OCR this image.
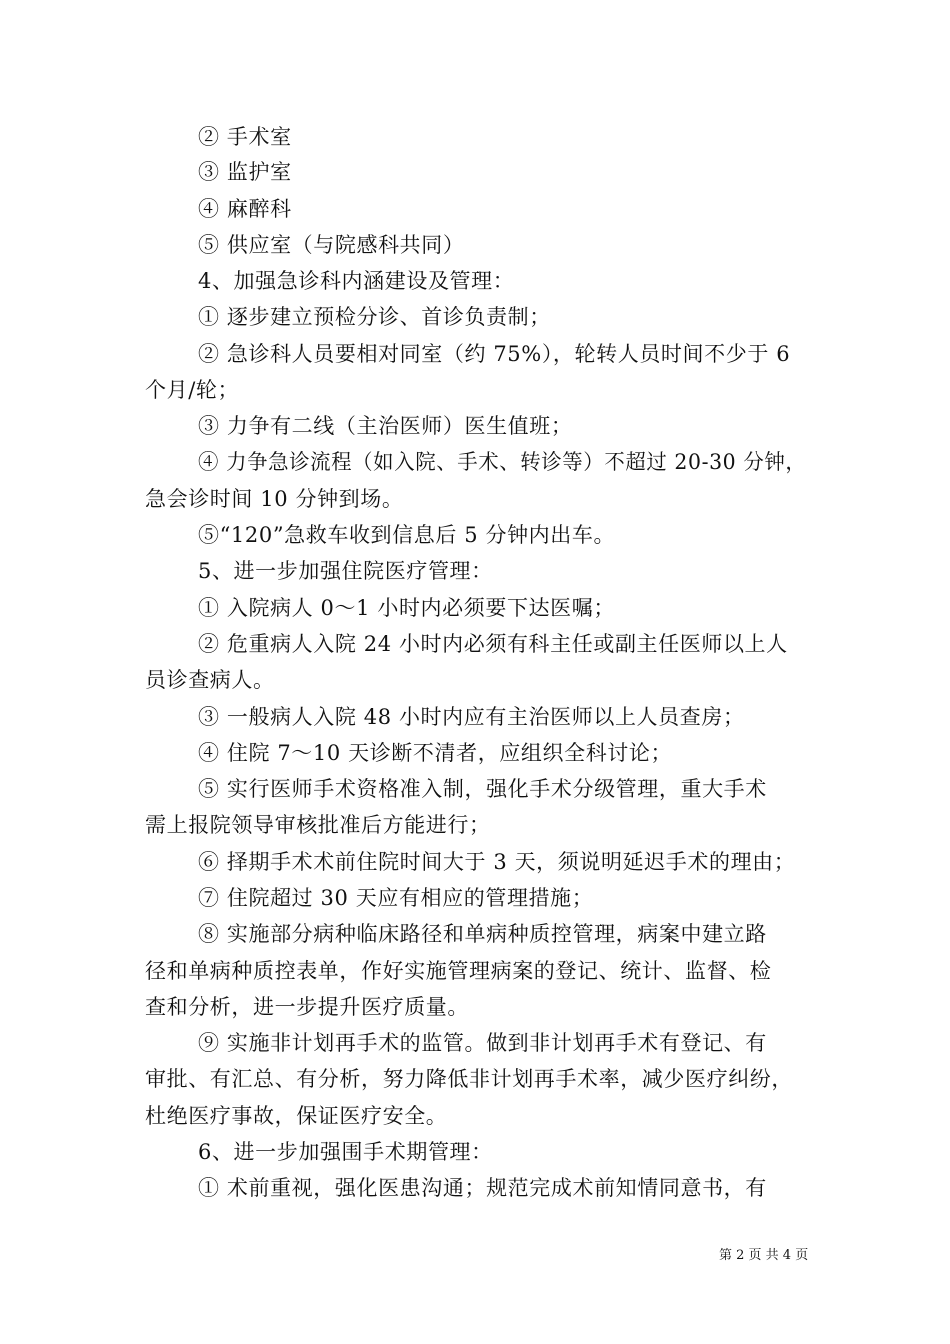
② 手术室
③ 监护室
④ 麻醉科
⑤ 供应室（与院感科共同）
4、加强急诊科内涵建设及管理：
① 逐步建立预检分诊、首诊负责制；
② 急诊科人员要相对同室（约 75%），轮转人员时间不少于 6
个月/轮；
③ 力争有二线（主治医师）医生值班；
④ 力争急诊流程（如入院、手术、转诊等）不超过 20-30 分钟，
急会诊时间 10 分钟到场。
⑤“120”急救车收到信息后 5 分钟内出车。
5、进一步加强住院医疗管理：
① 入院病人 0～1 小时内必须要下达医嘱；
② 危重病人入院 24 小时内必须有科主任或副主任医师以上人
员诊查病人。
③ 一般病人入院 48 小时内应有主治医师以上人员查房；
④ 住院 7～10 天诊断不清者，应组织全科讨论；
⑤ 实行医师手术资格准入制，强化手术分级管理，重大手术
需上报院领导审核批准后方能进行；
⑥ 择期手术术前住院时间大于 3 天，须说明延迟手术的理由；
⑦ 住院超过 30 天应有相应的管理措施；
⑧ 实施部分病种临床路径和单病种质控管理，病案中建立路
径和单病种质控表单，作好实施管理病案的登记、统计、监督、检
查和分析，进一步提升医疗质量。
⑨ 实施非计划再手术的监管。做到非计划再手术有登记、有
审批、有汇总、有分析，努力降低非计划再手术率，减少医疗纠纷，
杜绝医疗事故，保证医疗安全。
6、进一步加强围手术期管理：
① 术前重视，强化医患沟通；规范完成术前知情同意书，有
第 2 页 共 4 页
